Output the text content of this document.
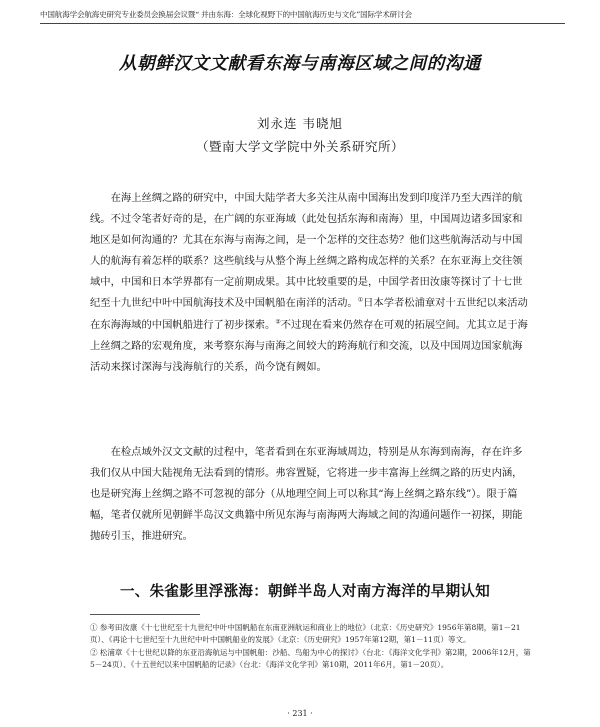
中国航海学会航海史研究专业委员会换届会议暨“ 并由东海：全球化视野下的中国航海历史与文化”国际学术研讨会
从朝鲜汉文文献看东海与南海区域之间的沟通
刘永连 韦晓旭
（暨南大学文学院中外关系研究所）

在海上丝绸之路的研究中，中国大陆学者大多关注从南中国海出发到印度洋乃至大西洋的航线。不过令笔者好奇的是，在广阔的东亚海域（此处包括东海和南海）里，中国周边诸多国家和地区是如何沟通的？尤其在东海与南海之间，是一个怎样的交往态势？他们这些航海活动与中国人的航海有着怎样的联系？这些航线与从整个海上丝绸之路构成怎样的关系？在东亚海上交往领域中，中国和日本学界都有一定前期成果。其中比较重要的是，中国学者田汝康等探讨了十七世纪至十九世纪中叶中国航海技术及中国帆船在南洋的活动。①日本学者松浦章对十五世纪以来活动在东海海域的中国帆船进行了初步探索。②不过现在看来仍然存在可观的拓展空间。尤其立足于海上丝绸之路的宏观角度，来考察东海与南海之间较大的跨海航行和交流，以及中国周边国家航海活动来探讨深海与浅海航行的关系，尚今饶有阙如。

在检点域外汉文文献的过程中，笔者看到在东亚海域周边，特别是从东海到南海，存在许多我们仅从中国大陆视角无法看到的情形。弗容置疑，它将进一步丰富海上丝绸之路的历史内涵，也是研究海上丝绸之路不可忽视的部分（从地理空间上可以称其“海上丝绸之路东线”）。限于篇幅，笔者仅就所见朝鲜半岛汉文典籍中所见东海与南海两大海域之间的沟通问题作一初探，期能抛砖引玉，推进研究。

一、朱雀影里浮涨海：朝鲜半岛人对南方海洋的早期认知

① 参考田汝康《十七世纪至十九世纪中叶中国帆船在东南亚洲航运和商业上的地位》（北京：《历史研究》1956年第8期，第1－21页）、《再论十七世纪至十九世纪中叶中国帆船业的发展》（北京：《历史研究》1957年第12期，第1－11页）等文。

② 松浦章《十七世纪以降的东亚沿海航运与中国帆船：沙船、鸟船为中心的探讨》（台北：《海洋文化学刊》第2期，2006年12月，第5－24页）、《十五世纪以来中国帆船的记录》（台北：《海洋文化学刊》第10期，2011年6月，第1－20页）。

· 231 ·
